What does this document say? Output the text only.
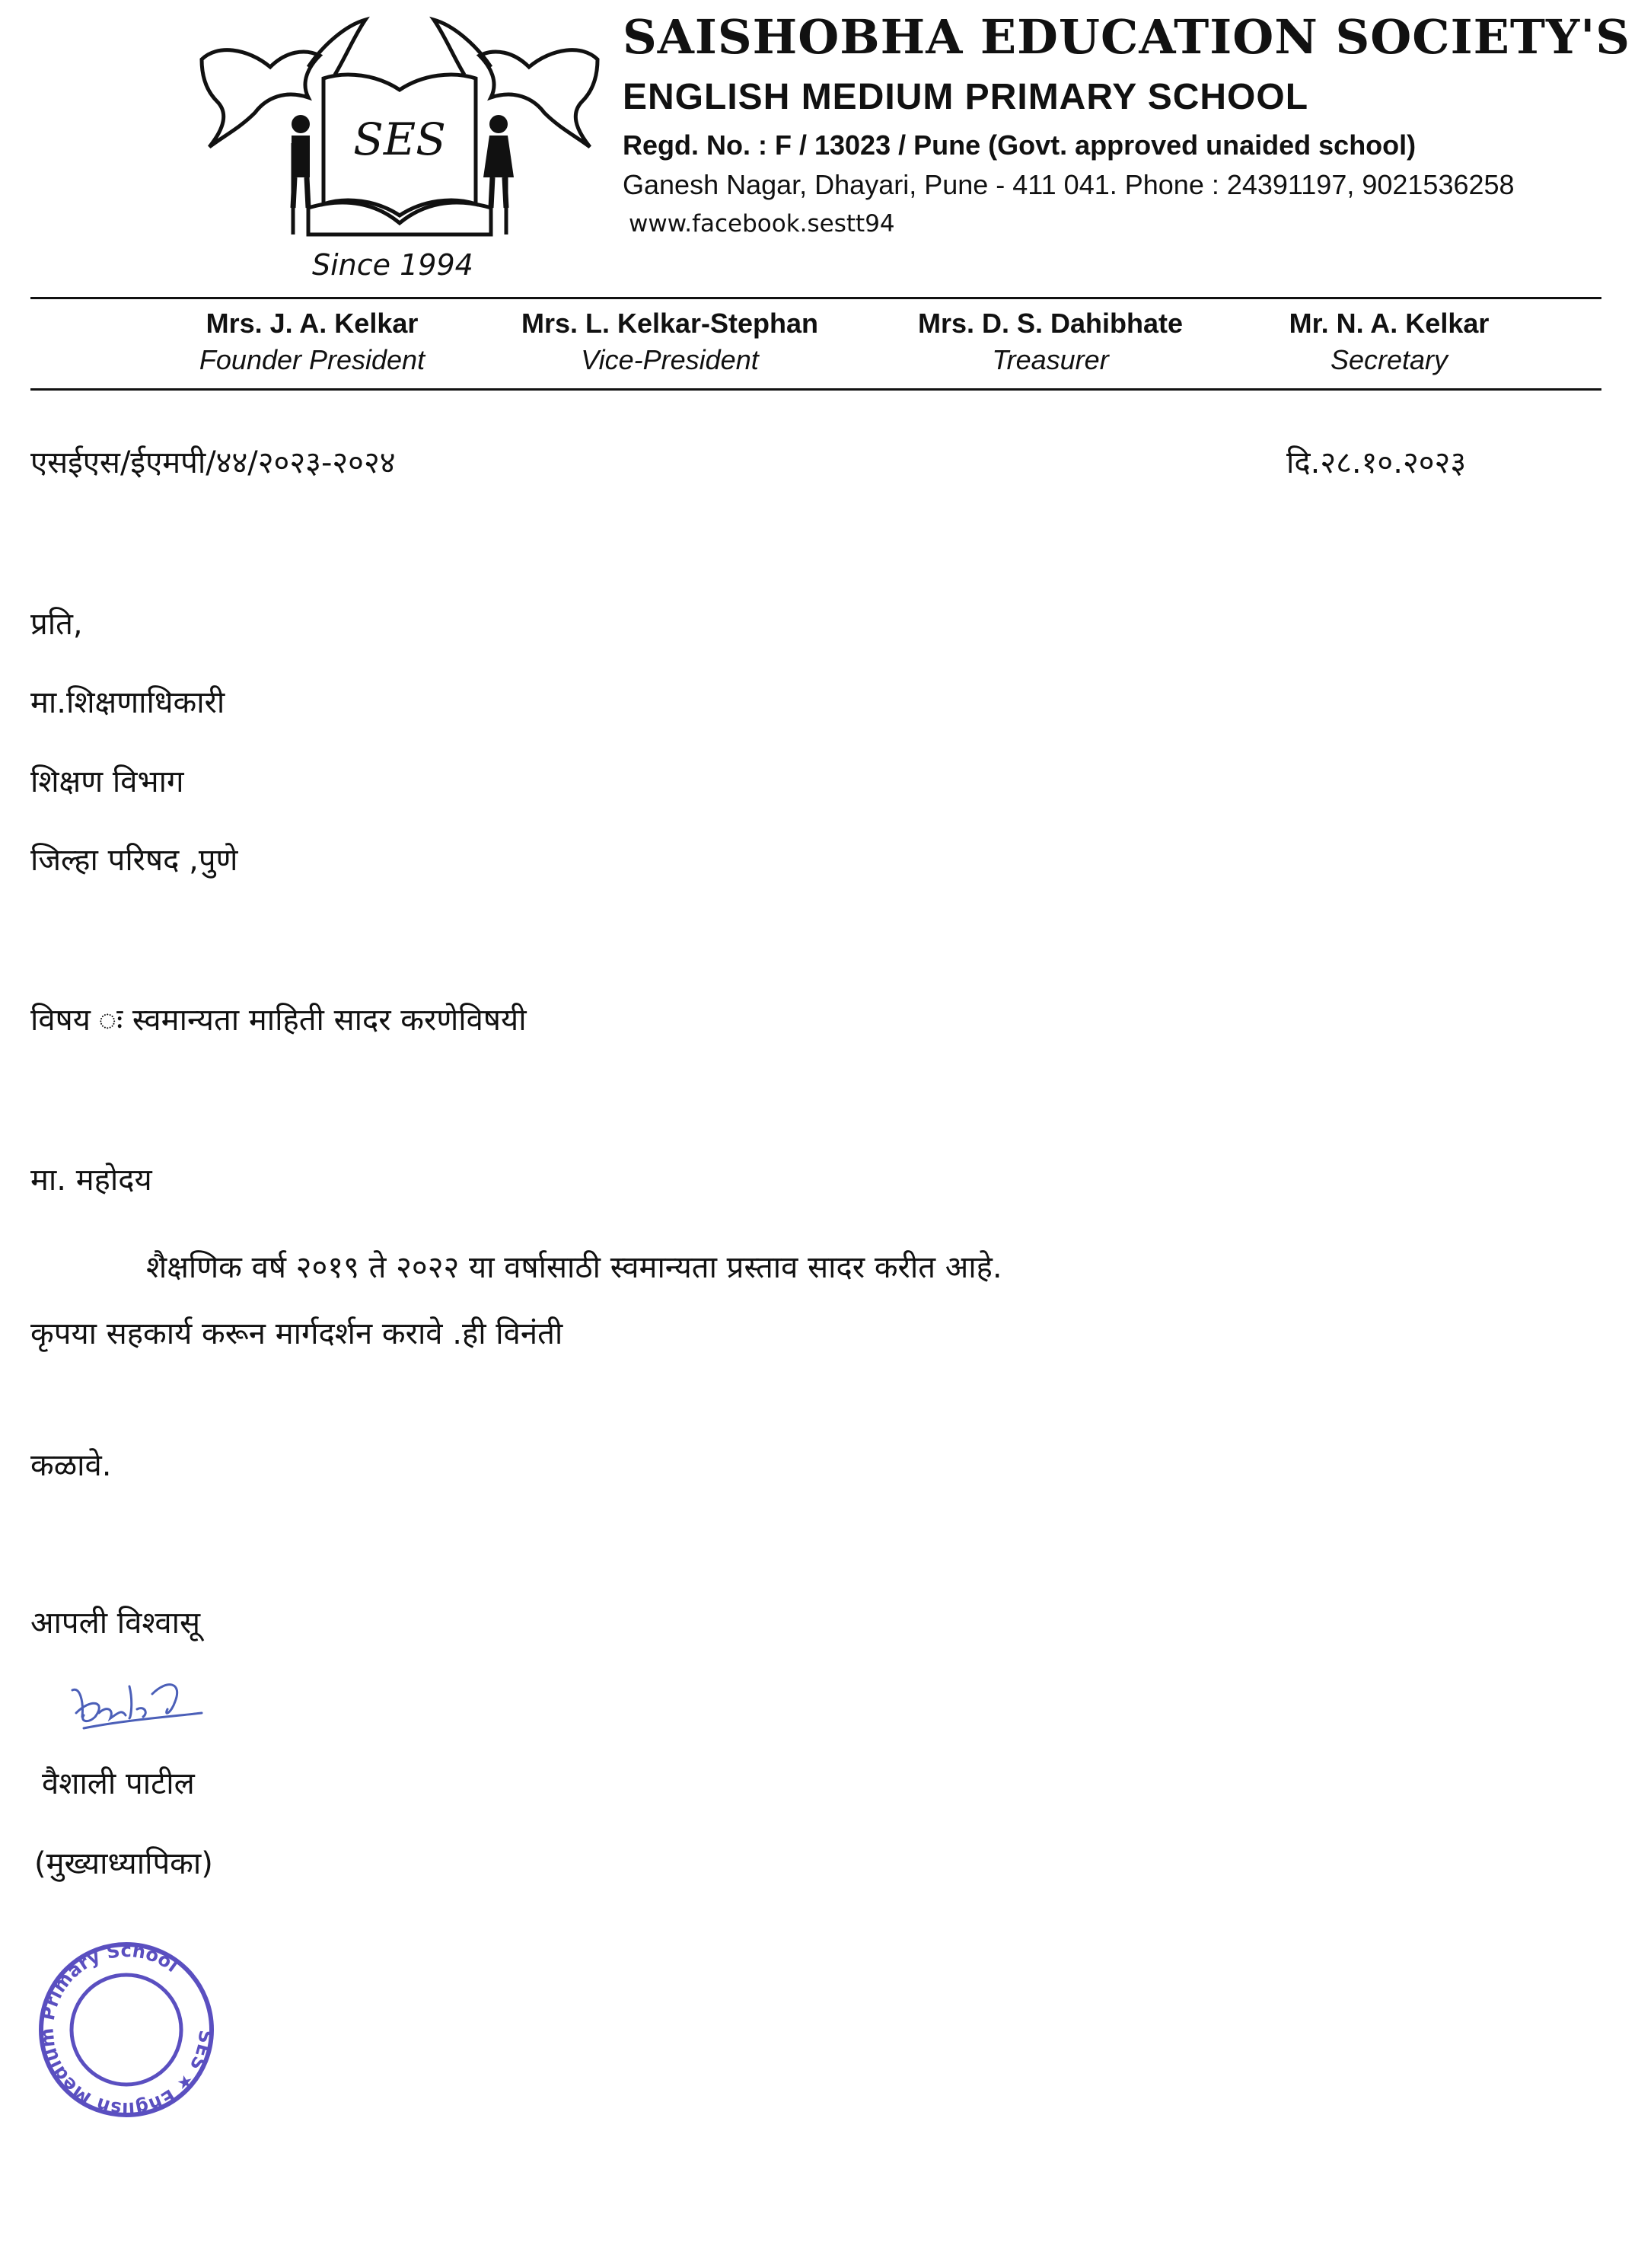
SES
Since 1994
SAISHOBHA EDUCATION SOCIETY'S
ENGLISH MEDIUM PRIMARY SCHOOL
Regd. No. : F / 13023 / Pune (Govt. approved unaided school)
Ganesh Nagar, Dhayari, Pune - 411 041. Phone : 24391197, 9021536258
www.facebook.sestt94
Mrs. J. A. Kelkar
Founder President
Mrs. L. Kelkar-Stephan
Vice-President
Mrs. D. S. Dahibhate
Treasurer
Mr. N. A. Kelkar
Secretary
एसईएस/ईएमपी/४४/२०२३-२०२४	दि.२८.१०.२०२३
प्रति,
मा.शिक्षणाधिकारी
शिक्षण विभाग
जिल्हा परिषद ,पुणे
विषय ः स्वमान्यता माहिती सादर करणेविषयी
मा. महोदय
शैक्षणिक वर्ष २०१९ ते २०२२ या वर्षासाठी स्वमान्यता प्रस्ताव सादर करीत आहे.
कृपया सहकार्य करून मार्गदर्शन करावे .ही विनंती
कळावे.
आपली विश्वासू
वैशाली पाटील
(मुख्याध्यापिका)
SES ★ English Medium Primary School
